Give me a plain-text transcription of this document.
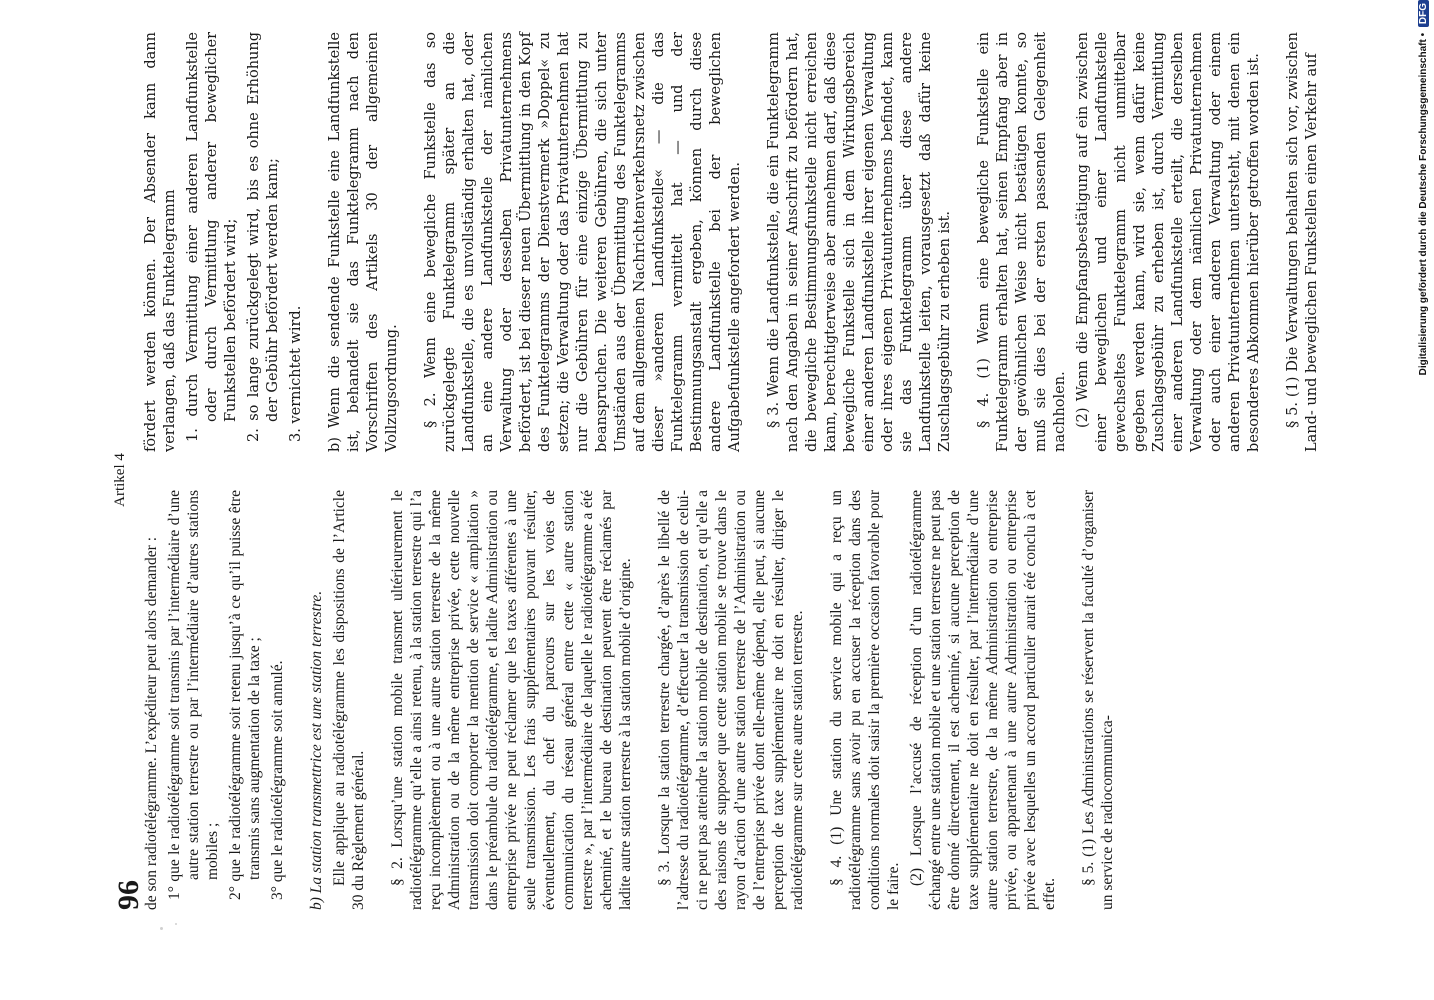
96
Artikel 4

de son radiotélégramme. L’expéditeur peut alors demander : 1° que le radiotélégramme soit transmis par l’intermédiaire d’une autre station terrestre ou par l’intermédiaire d’autres stations mobiles ; 2° que le radiotélégramme soit retenu jusqu’à ce qu’il puisse être transmis sans augmentation de la taxe ; 3° que le radiotélégramme soit annulé. b) La station transmettrice est une station terrestre. Elle applique au radiotélégramme les dispositions de l’Article 30 du Règlement général. § 2. Lorsqu’une station mobile transmet ultérieurement le radiotélégramme qu’elle a ainsi retenu, à la station terrestre qui l’a reçu incomplètement ou à une autre station terrestre de la même Administration ou de la même entreprise privée, cette nouvelle transmission doit comporter la mention de service « ampliation » dans le préambule du radiotélégramme, et ladite Administration ou entreprise privée ne peut réclamer que les taxes afférentes à une seule transmission. Les frais supplémentaires pouvant résulter, éventuellement, du chef du parcours sur les voies de communication du réseau général entre cette « autre station terrestre », par l’intermédiaire de laquelle le radiotélégramme a été acheminé, et le bureau de destination peuvent être réclamés par ladite autre station terrestre à la station mobile d’origine. § 3. Lorsque la station terrestre chargée, d’après le libellé de l’adresse du radiotélégramme, d’effectuer la transmission de celui-ci ne peut pas atteindre la station mobile de destination, et qu’elle a des raisons de supposer que cette station mobile se trouve dans le rayon d’action d’une autre station terrestre de l’Administration ou de l’entreprise privée dont elle-même dépend, elle peut, si aucune perception de taxe supplémentaire ne doit en résulter, diriger le radiotélégramme sur cette autre station terrestre. § 4. (1) Une station du service mobile qui a reçu un radiotélégramme sans avoir pu en accuser la réception dans des conditions normales doit saisir la première occasion favorable pour le faire.

(2) Lorsque l’accusé de réception d’un radiotélégramme échangé entre une station mobile et une station terrestre ne peut pas être donné directement, il est acheminé, si aucune perception de taxe supplémentaire ne doit en résulter, par l’intermédiaire d’une autre station terrestre, de la même Administration ou entreprise privée, ou appartenant à une autre Administration ou entreprise privée avec lesquelles un accord particulier aurait été conclu à cet effet.

§ 5. (1) Les Administrations se réservent la faculté d’organiser un service de radiocommunica-

fördert werden können. Der Absender kann dann verlangen, daß das Funktelegramm 1. durch Vermittlung einer anderen Landfunkstelle oder durch Vermittlung anderer beweglicher Funkstellen befördert wird; 2. so lange zurückgelegt wird, bis es ohne Erhöhung der Gebühr befördert werden kann; 3. vernichtet wird. b) Wenn die sendende Funkstelle eine Landfunkstelle ist, behandelt sie das Funktelegramm nach den Vorschriften des Artikels 30 der allgemeinen Vollzugsordnung. § 2. Wenn eine bewegliche Funkstelle das so zurückgelegte Funktelegramm später an die Landfunkstelle, die es unvollständig erhalten hat, oder an eine andere Landfunkstelle der nämlichen Verwaltung oder desselben Privatunternehmens befördert, ist bei dieser neuen Übermittlung in den Kopf des Funktelegramms der Dienstvermerk »Doppel« zu setzen; die Verwaltung oder das Privatunternehmen hat nur die Gebühren für eine einzige Übermittlung zu beanspruchen. Die weiteren Gebühren, die sich unter Umständen aus der Übermittlung des Funktelegramms auf dem allgemeinen Nachrichtenverkehrsnetz zwischen dieser »anderen Landfunkstelle« — die das Funktelegramm vermittelt hat — und der Bestimmungsanstalt ergeben, können durch diese andere Landfunkstelle bei der beweglichen Aufgabefunkstelle angefordert werden. § 3. Wenn die Landfunkstelle, die ein Funktelegramm nach den Angaben in seiner Anschrift zu befördern hat, die bewegliche Bestimmungsfunkstelle nicht erreichen kann, berechtigterweise aber annehmen darf, daß diese bewegliche Funkstelle sich in dem Wirkungsbereich einer anderen Landfunkstelle ihrer eigenen Verwaltung oder ihres eigenen Privatunternehmens befindet, kann sie das Funktelegramm über diese andere Landfunkstelle leiten, vorausgesetzt daß dafür keine Zuschlagsgebühr zu erheben ist. § 4. (1) Wenn eine bewegliche Funkstelle ein Funktelegramm erhalten hat, seinen Empfang aber in der gewöhnlichen Weise nicht bestätigen konnte, so muß sie dies bei der ersten passenden Gelegenheit nachholen. (2) Wenn die Empfangsbestätigung auf ein zwischen einer beweglichen und einer Landfunkstelle gewechseltes Funktelegramm nicht unmittelbar gegeben werden kann, wird sie, wenn dafür keine Zuschlagsgebühr zu erheben ist, durch Vermittlung einer anderen Landfunkstelle erteilt, die derselben Verwaltung oder dem nämlichen Privatunternehmen oder auch einer anderen Verwaltung oder einem anderen Privatunternehmen untersteht, mit denen ein besonderes Abkommen hierüber getroffen worden ist. § 5. (1) Die Verwaltungen behalten sich vor, zwischen Land- und beweglichen Funkstellen einen Verkehr auf	Digitalisierung gefördert durch die Deutsche Forschungsgemeinschaft • DFG
